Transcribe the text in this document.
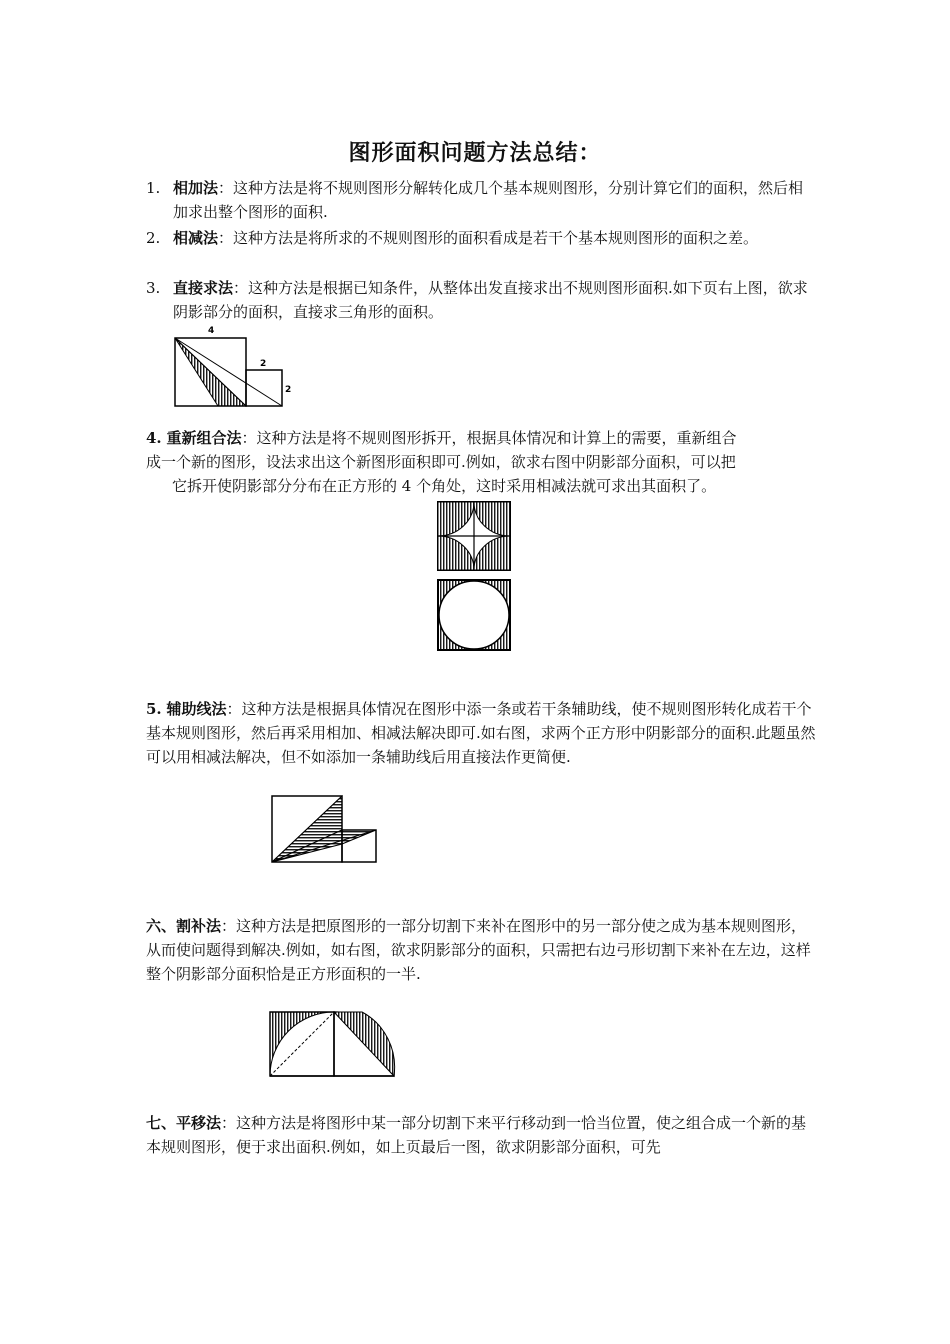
图形面积问题方法总结：
1. 相加法：这种方法是将不规则图形分解转化成几个基本规则图形，分别计算它们的面积，然后相加求出整个图形的面积.
2. 相减法：这种方法是将所求的不规则图形的面积看成是若干个基本规则图形的面积之差。
3. 直接求法：这种方法是根据已知条件，从整体出发直接求出不规则图形面积.如下页右上图，欲求阴影部分的面积，直接求三角形的面积。
4
2
2
4. 重新组合法：这种方法是将不规则图形拆开，根据具体情况和计算上的需要，重新组合
成一个新的图形，设法求出这个新图形面积即可.例如，欲求右图中阴影部分面积，可以把
它拆开使阴影部分分布在正方形的 4 个角处，这时采用相减法就可求出其面积了。
5. 辅助线法：这种方法是根据具体情况在图形中添一条或若干条辅助线，使不规则图形转化成若干个基本规则图形，然后再采用相加、相减法解决即可.如右图，求两个正方形中阴影部分的面积.此题虽然可以用相减法解决，但不如添加一条辅助线后用直接法作更简便.
六、割补法：这种方法是把原图形的一部分切割下来补在图形中的另一部分使之成为基本规则图形，从而使问题得到解决.例如，如右图，欲求阴影部分的面积，只需把右边弓形切割下来补在左边，这样整个阴影部分面积恰是正方形面积的一半.
七、平移法：这种方法是将图形中某一部分切割下来平行移动到一恰当位置，使之组合成一个新的基本规则图形，便于求出面积.例如，如上页最后一图，欲求阴影部分面积，可先
